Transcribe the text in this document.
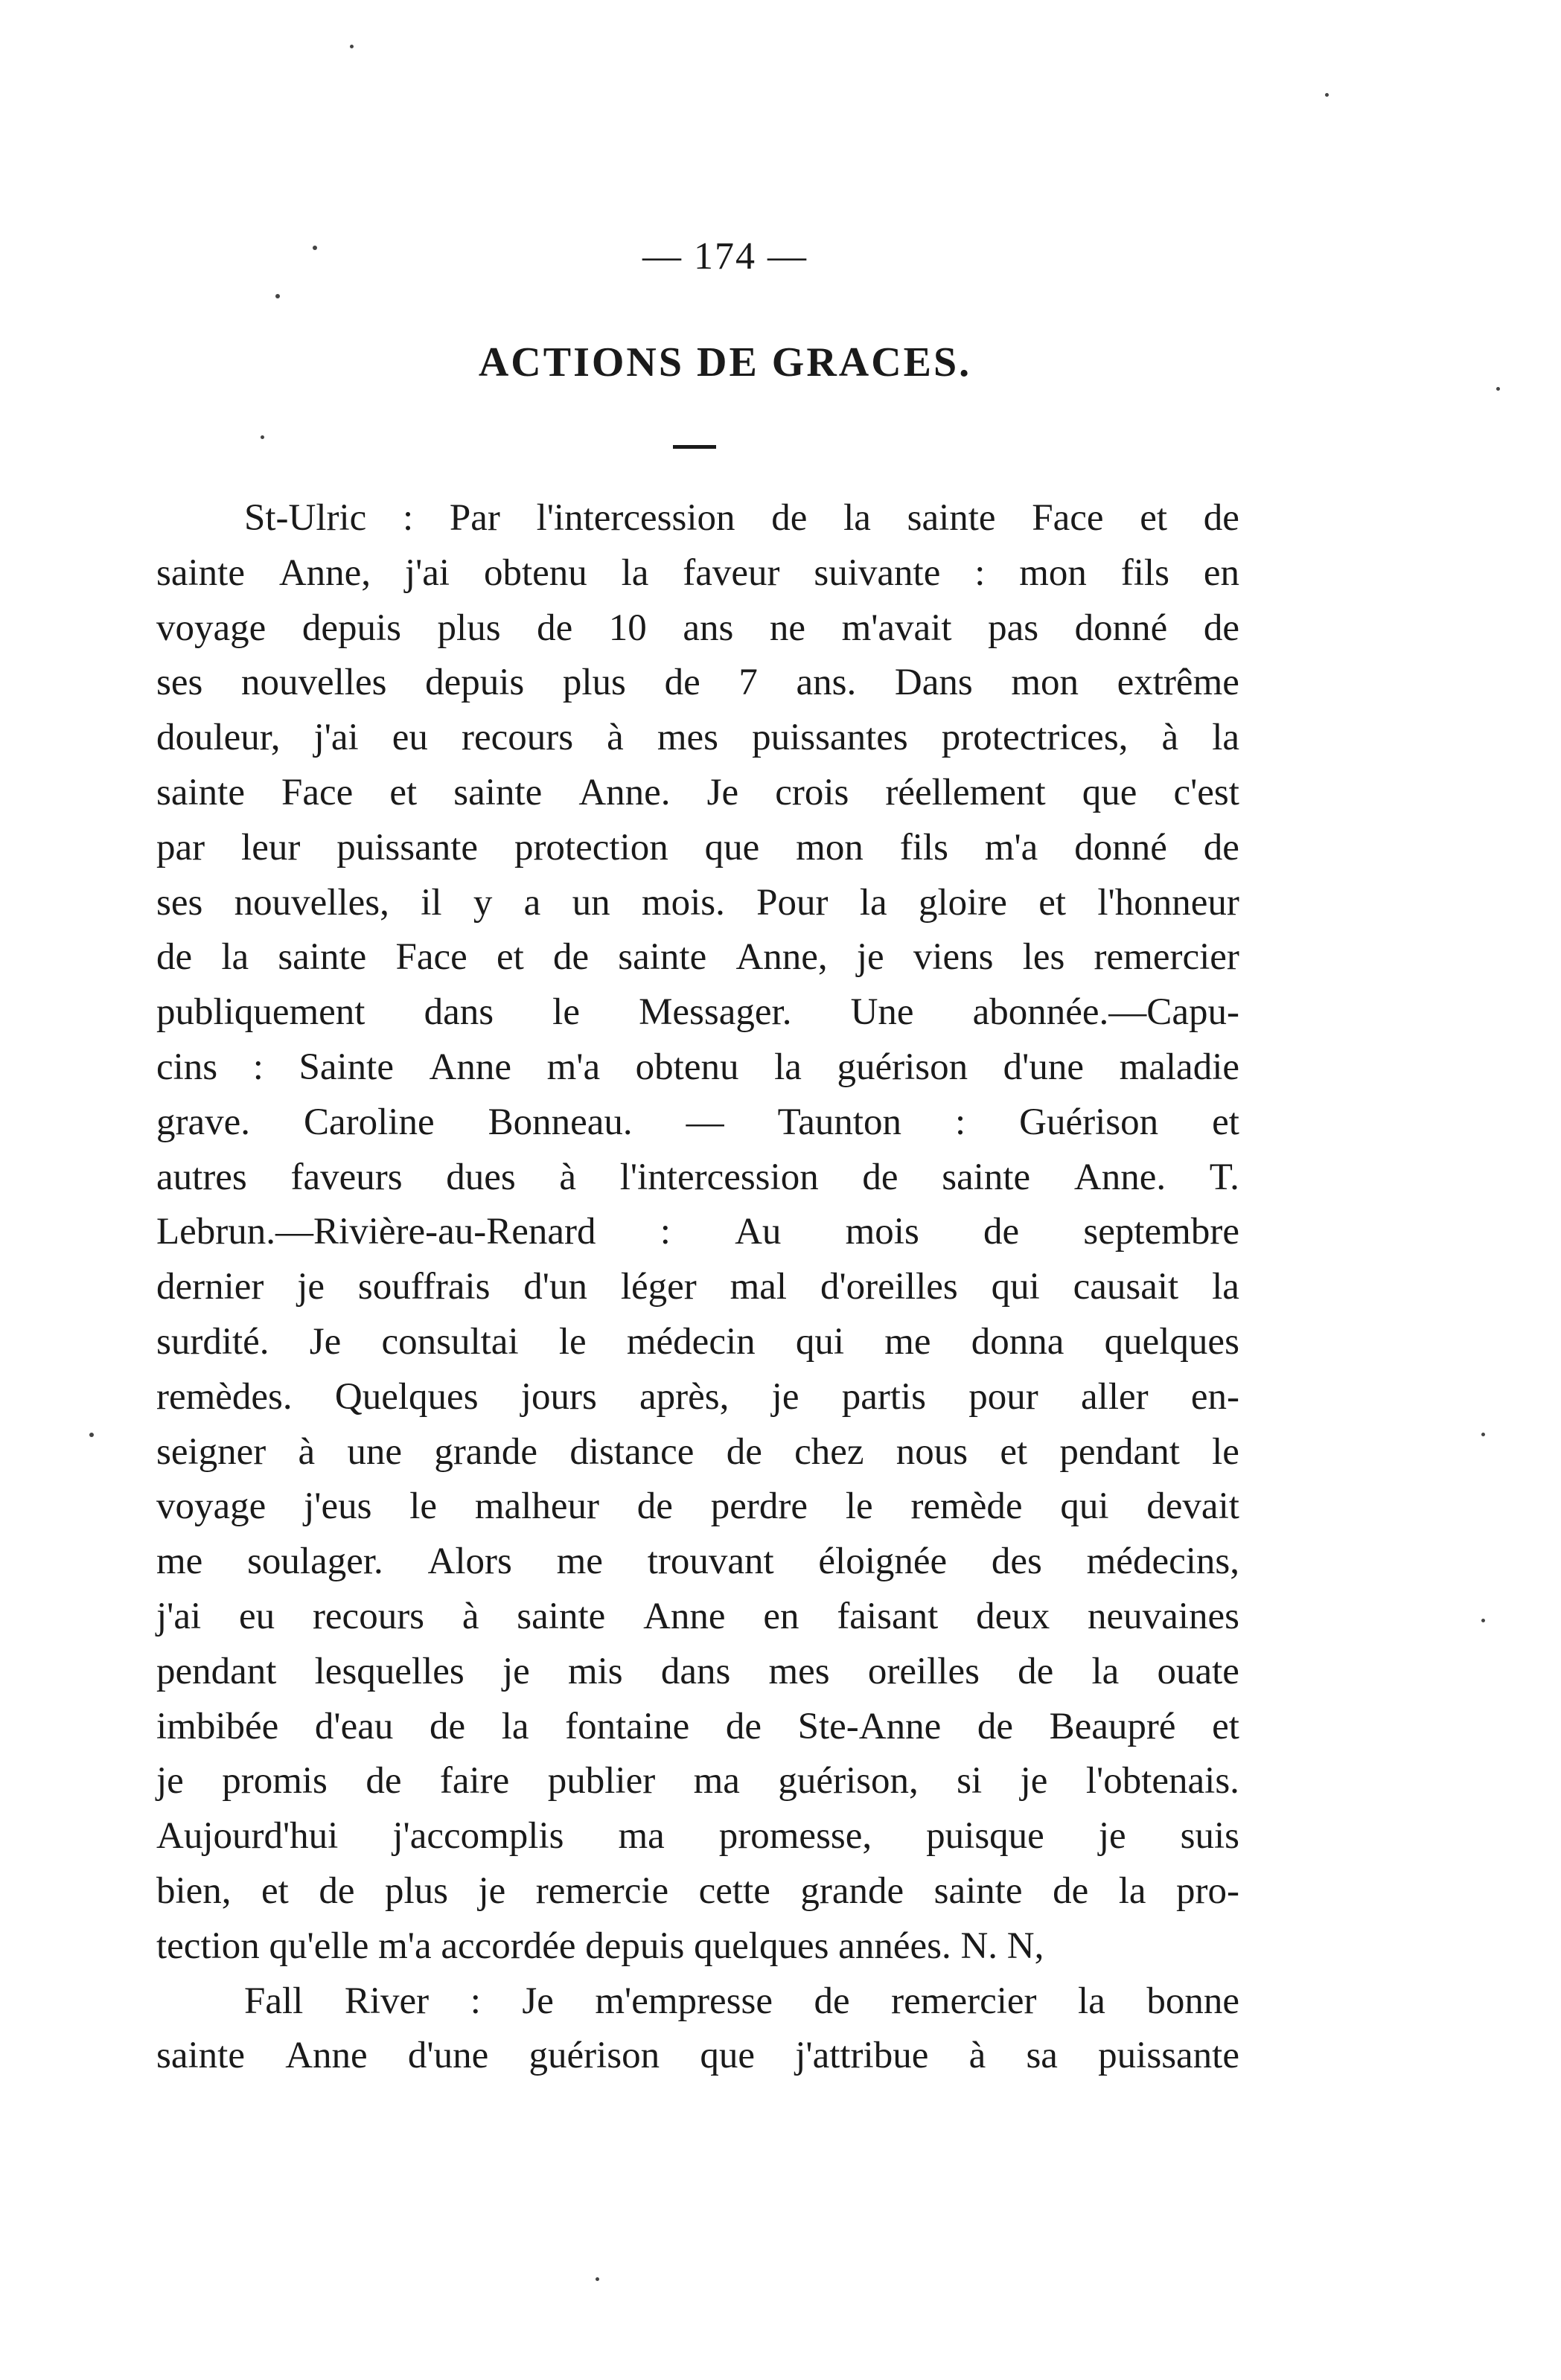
— 174 —
ACTIONS DE GRACES.
St-Ulric : Par l'intercession de la sainte Face et de
sainte Anne, j'ai obtenu la faveur suivante : mon fils en
voyage depuis plus de 10 ans ne m'avait pas donné de
ses nouvelles depuis plus de 7 ans. Dans mon extrême
douleur, j'ai eu recours à mes puissantes protectrices, à la
sainte Face et sainte Anne. Je crois réellement que c'est
par leur puissante protection que mon fils m'a donné de
ses nouvelles, il y a un mois. Pour la gloire et l'honneur
de la sainte Face et de sainte Anne, je viens les remercier
publiquement dans le Messager. Une abonnée.—Capu-
cins : Sainte Anne m'a obtenu la guérison d'une maladie
grave. Caroline Bonneau. — Taunton : Guérison et
autres faveurs dues à l'intercession de sainte Anne. T.
Lebrun.—Rivière-au-Renard : Au mois de septembre
dernier je souffrais d'un léger mal d'oreilles qui causait la
surdité. Je consultai le médecin qui me donna quelques
remèdes. Quelques jours après, je partis pour aller en-
seigner à une grande distance de chez nous et pendant le
voyage j'eus le malheur de perdre le remède qui devait
me soulager. Alors me trouvant éloignée des médecins,
j'ai eu recours à sainte Anne en faisant deux neuvaines
pendant lesquelles je mis dans mes oreilles de la ouate
imbibée d'eau de la fontaine de Ste-Anne de Beaupré et
je promis de faire publier ma guérison, si je l'obtenais.
Aujourd'hui j'accomplis ma promesse, puisque je suis
bien, et de plus je remercie cette grande sainte de la pro-
tection qu'elle m'a accordée depuis quelques années. N. N,
Fall River : Je m'empresse de remercier la bonne
sainte Anne d'une guérison que j'attribue à sa puissante
